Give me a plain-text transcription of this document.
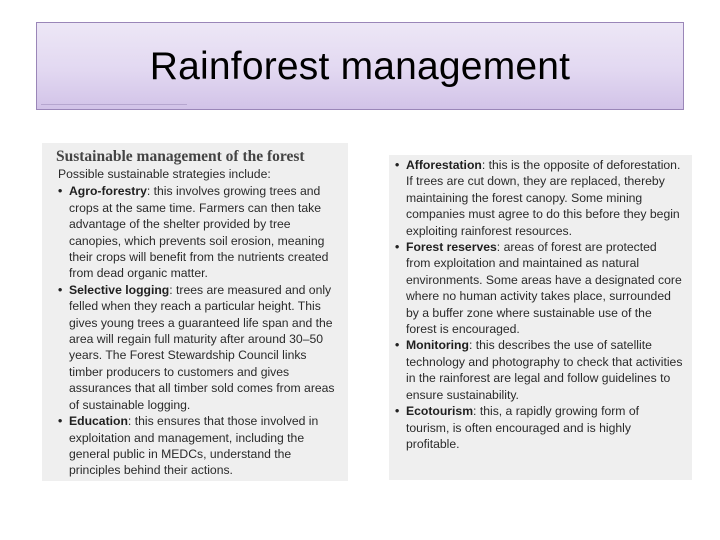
Rainforest management
Sustainable management of the forest
Possible sustainable strategies include:
• Agro-forestry: this involves growing trees and crops at the same time. Farmers can then take advantage of the shelter provided by tree canopies, which prevents soil erosion, meaning their crops will benefit from the nutrients created from dead organic matter.
• Selective logging: trees are measured and only felled when they reach a particular height. This gives young trees a guaranteed life span and the area will regain full maturity after around 30–50 years. The Forest Stewardship Council links timber producers to customers and gives assurances that all timber sold comes from areas of sustainable logging.
• Education: this ensures that those involved in exploitation and management, including the general public in MEDCs, understand the principles behind their actions.
• Afforestation: this is the opposite of deforestation. If trees are cut down, they are replaced, thereby maintaining the forest canopy. Some mining companies must agree to do this before they begin exploiting rainforest resources.
• Forest reserves: areas of forest are protected from exploitation and maintained as natural environments. Some areas have a designated core where no human activity takes place, surrounded by a buffer zone where sustainable use of the forest is encouraged.
• Monitoring: this describes the use of satellite technology and photography to check that activities in the rainforest are legal and follow guidelines to ensure sustainability.
• Ecotourism: this, a rapidly growing form of tourism, is often encouraged and is highly profitable.
